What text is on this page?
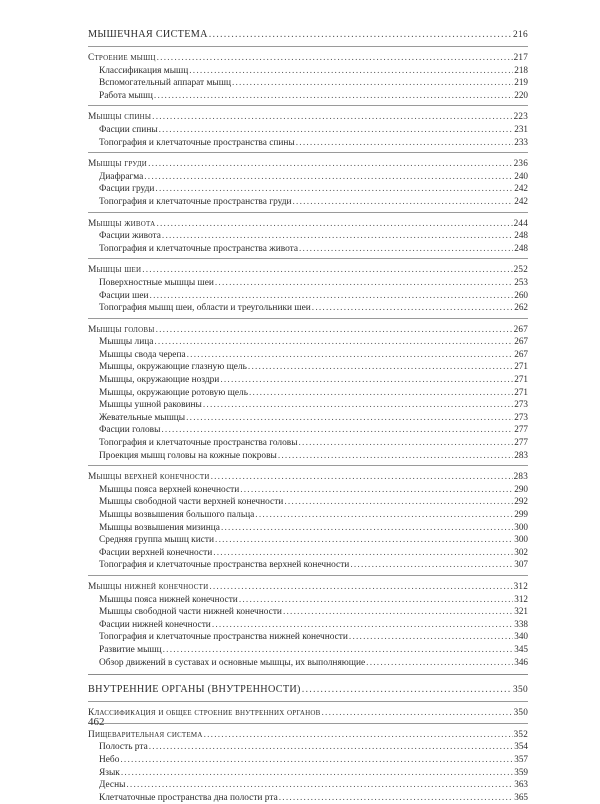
МЫШЕЧНАЯ СИСТЕМА .....	216
Строение мышц .....	217
Классификация мышц .....	218
Вспомогательный аппарат мышц .....	219
Работа мышц .....	220
Мышцы спины .....	223
Фасции спины .....	231
Топография и клетчаточные пространства спины .....	233
Мышцы груди .....	236
Диафрагма .....	240
Фасции груди .....	242
Топография и клетчаточные пространства груди .....	242
Мышцы живота .....	244
Фасции живота .....	248
Топография и клетчаточные пространства живота .....	248
Мышцы шеи .....	252
Поверхностные мышцы шеи .....	253
Фасции шеи .....	260
Топография мышц шеи, области и треугольники шеи .....	262
Мышцы головы .....	267
Мышцы лица .....	267
Мышцы свода черепа .....	267
Мышцы, окружающие глазную щель .....	271
Мышцы, окружающие ноздри .....	271
Мышцы, окружающие ротовую щель .....	271
Мышцы ушной раковины .....	273
Жевательные мышцы .....	273
Фасции головы .....	277
Топография и клетчаточные пространства головы .....	277
Проекция мышц головы на кожные покровы .....	283
Мышцы верхней конечности .....	283
Мышцы пояса верхней конечности .....	290
Мышцы свободной части верхней конечности .....	292
Мышцы возвышения большого пальца .....	299
Мышцы возвышения мизинца .....	300
Средняя группа мышц кисти .....	300
Фасции верхней конечности .....	302
Топография и клетчаточные пространства верхней конечности .....	307
Мышцы нижней конечности .....	312
Мышцы пояса нижней конечности .....	312
Мышцы свободной части нижней конечности .....	321
Фасции нижней конечности .....	338
Топография и клетчаточные пространства нижней конечности .....	340
Развитие мышц .....	345
Обзор движений в суставах и основные мышцы, их выполняющие .....	346
ВНУТРЕННИЕ ОРГАНЫ (ВНУТРЕННОСТИ) .....	350
Классификация и общее строение внутренних органов .....	350
Пищеварительная система .....	352
Полость рта .....	354
Небо .....	357
Язык .....	359
Десны .....	363
Клетчаточные пространства дна полости рта .....	365
462
